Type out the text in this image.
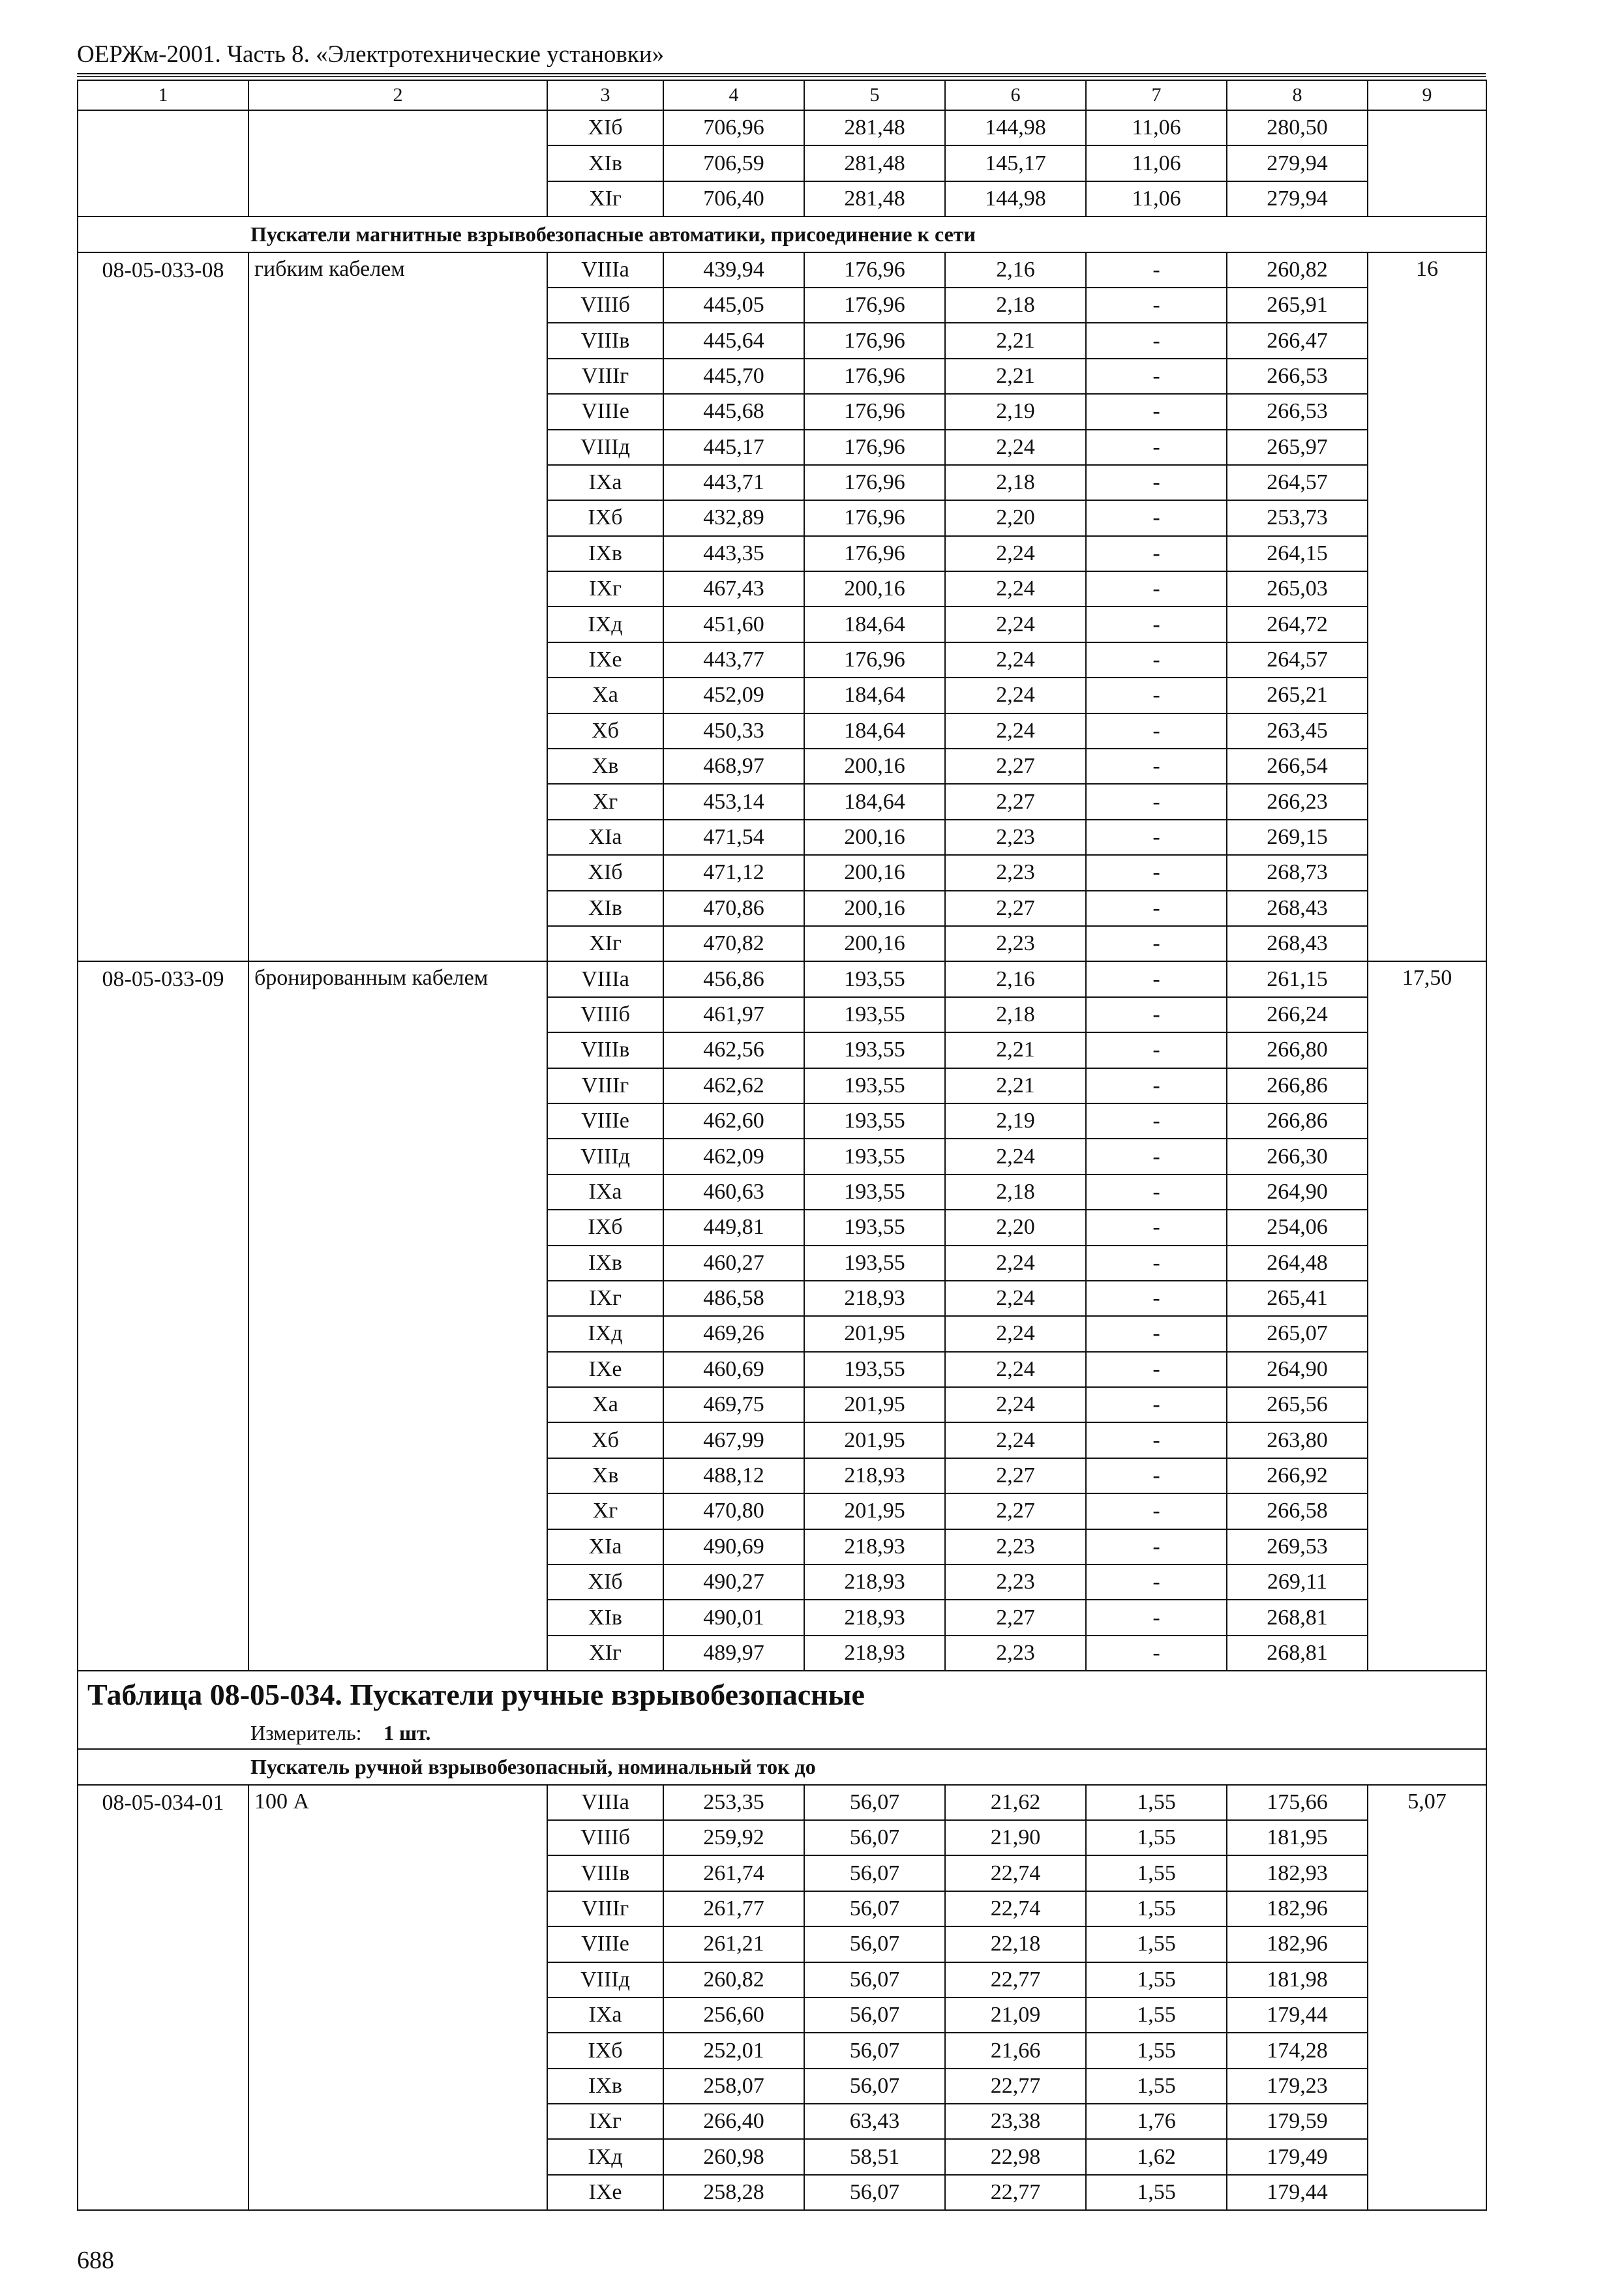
ОЕРЖм-2001. Часть 8. «Электротехнические установки»
1	2	3	4	5	6	7	8	9
		XIб	706,96	281,48	144,98	11,06	280,50	
		XIв	706,59	281,48	145,17	11,06	279,94	
		XIг	706,40	281,48	144,98	11,06	279,94	
Пускатели магнитные взрывобезопасные автоматики, присоединение к сети								
08-05-033-08	гибким кабелем	VIIIа	439,94	176,96	2,16	-	260,82	16
		VIIIб	445,05	176,96	2,18	-	265,91	
		VIIIв	445,64	176,96	2,21	-	266,47	
		VIIIг	445,70	176,96	2,21	-	266,53	
		VIIIе	445,68	176,96	2,19	-	266,53	
		VIIIд	445,17	176,96	2,24	-	265,97	
		IXа	443,71	176,96	2,18	-	264,57	
		IXб	432,89	176,96	2,20	-	253,73	
		IXв	443,35	176,96	2,24	-	264,15	
		IXг	467,43	200,16	2,24	-	265,03	
		IXд	451,60	184,64	2,24	-	264,72	
		IXе	443,77	176,96	2,24	-	264,57	
		Xа	452,09	184,64	2,24	-	265,21	
		Xб	450,33	184,64	2,24	-	263,45	
		Xв	468,97	200,16	2,27	-	266,54	
		Xг	453,14	184,64	2,27	-	266,23	
		XIа	471,54	200,16	2,23	-	269,15	
		XIб	471,12	200,16	2,23	-	268,73	
		XIв	470,86	200,16	2,27	-	268,43	
		XIг	470,82	200,16	2,23	-	268,43	
08-05-033-09	бронированным кабелем	VIIIа	456,86	193,55	2,16	-	261,15	17,50
		VIIIб	461,97	193,55	2,18	-	266,24	
		VIIIв	462,56	193,55	2,21	-	266,80	
		VIIIг	462,62	193,55	2,21	-	266,86	
		VIIIе	462,60	193,55	2,19	-	266,86	
		VIIIд	462,09	193,55	2,24	-	266,30	
		IXа	460,63	193,55	2,18	-	264,90	
		IXб	449,81	193,55	2,20	-	254,06	
		IXв	460,27	193,55	2,24	-	264,48	
		IXг	486,58	218,93	2,24	-	265,41	
		IXд	469,26	201,95	2,24	-	265,07	
		IXе	460,69	193,55	2,24	-	264,90	
		Xа	469,75	201,95	2,24	-	265,56	
		Xб	467,99	201,95	2,24	-	263,80	
		Xв	488,12	218,93	2,27	-	266,92	
		Xг	470,80	201,95	2,27	-	266,58	
		XIа	490,69	218,93	2,23	-	269,53	
		XIб	490,27	218,93	2,23	-	269,11	
		XIв	490,01	218,93	2,27	-	268,81	
		XIг	489,97	218,93	2,23	-	268,81	

Таблица 08-05-034. Пускатели ручные взрывобезопасные
Измеритель: 1 шт.								

Пускатель ручной взрывобезопасный, номинальный ток до								
08-05-034-01	100 А	VIIIа	253,35	56,07	21,62	1,55	175,66	5,07
		VIIIб	259,92	56,07	21,90	1,55	181,95	
		VIIIв	261,74	56,07	22,74	1,55	182,93	
		VIIIг	261,77	56,07	22,74	1,55	182,96	
		VIIIе	261,21	56,07	22,18	1,55	182,96	
		VIIIд	260,82	56,07	22,77	1,55	181,98	
		IXа	256,60	56,07	21,09	1,55	179,44	
		IXб	252,01	56,07	21,66	1,55	174,28	
		IXв	258,07	56,07	22,77	1,55	179,23	
		IXг	266,40	63,43	23,38	1,76	179,59	
		IXд	260,98	58,51	22,98	1,62	179,49	
		IXе	258,28	56,07	22,77	1,55	179,44	
688
